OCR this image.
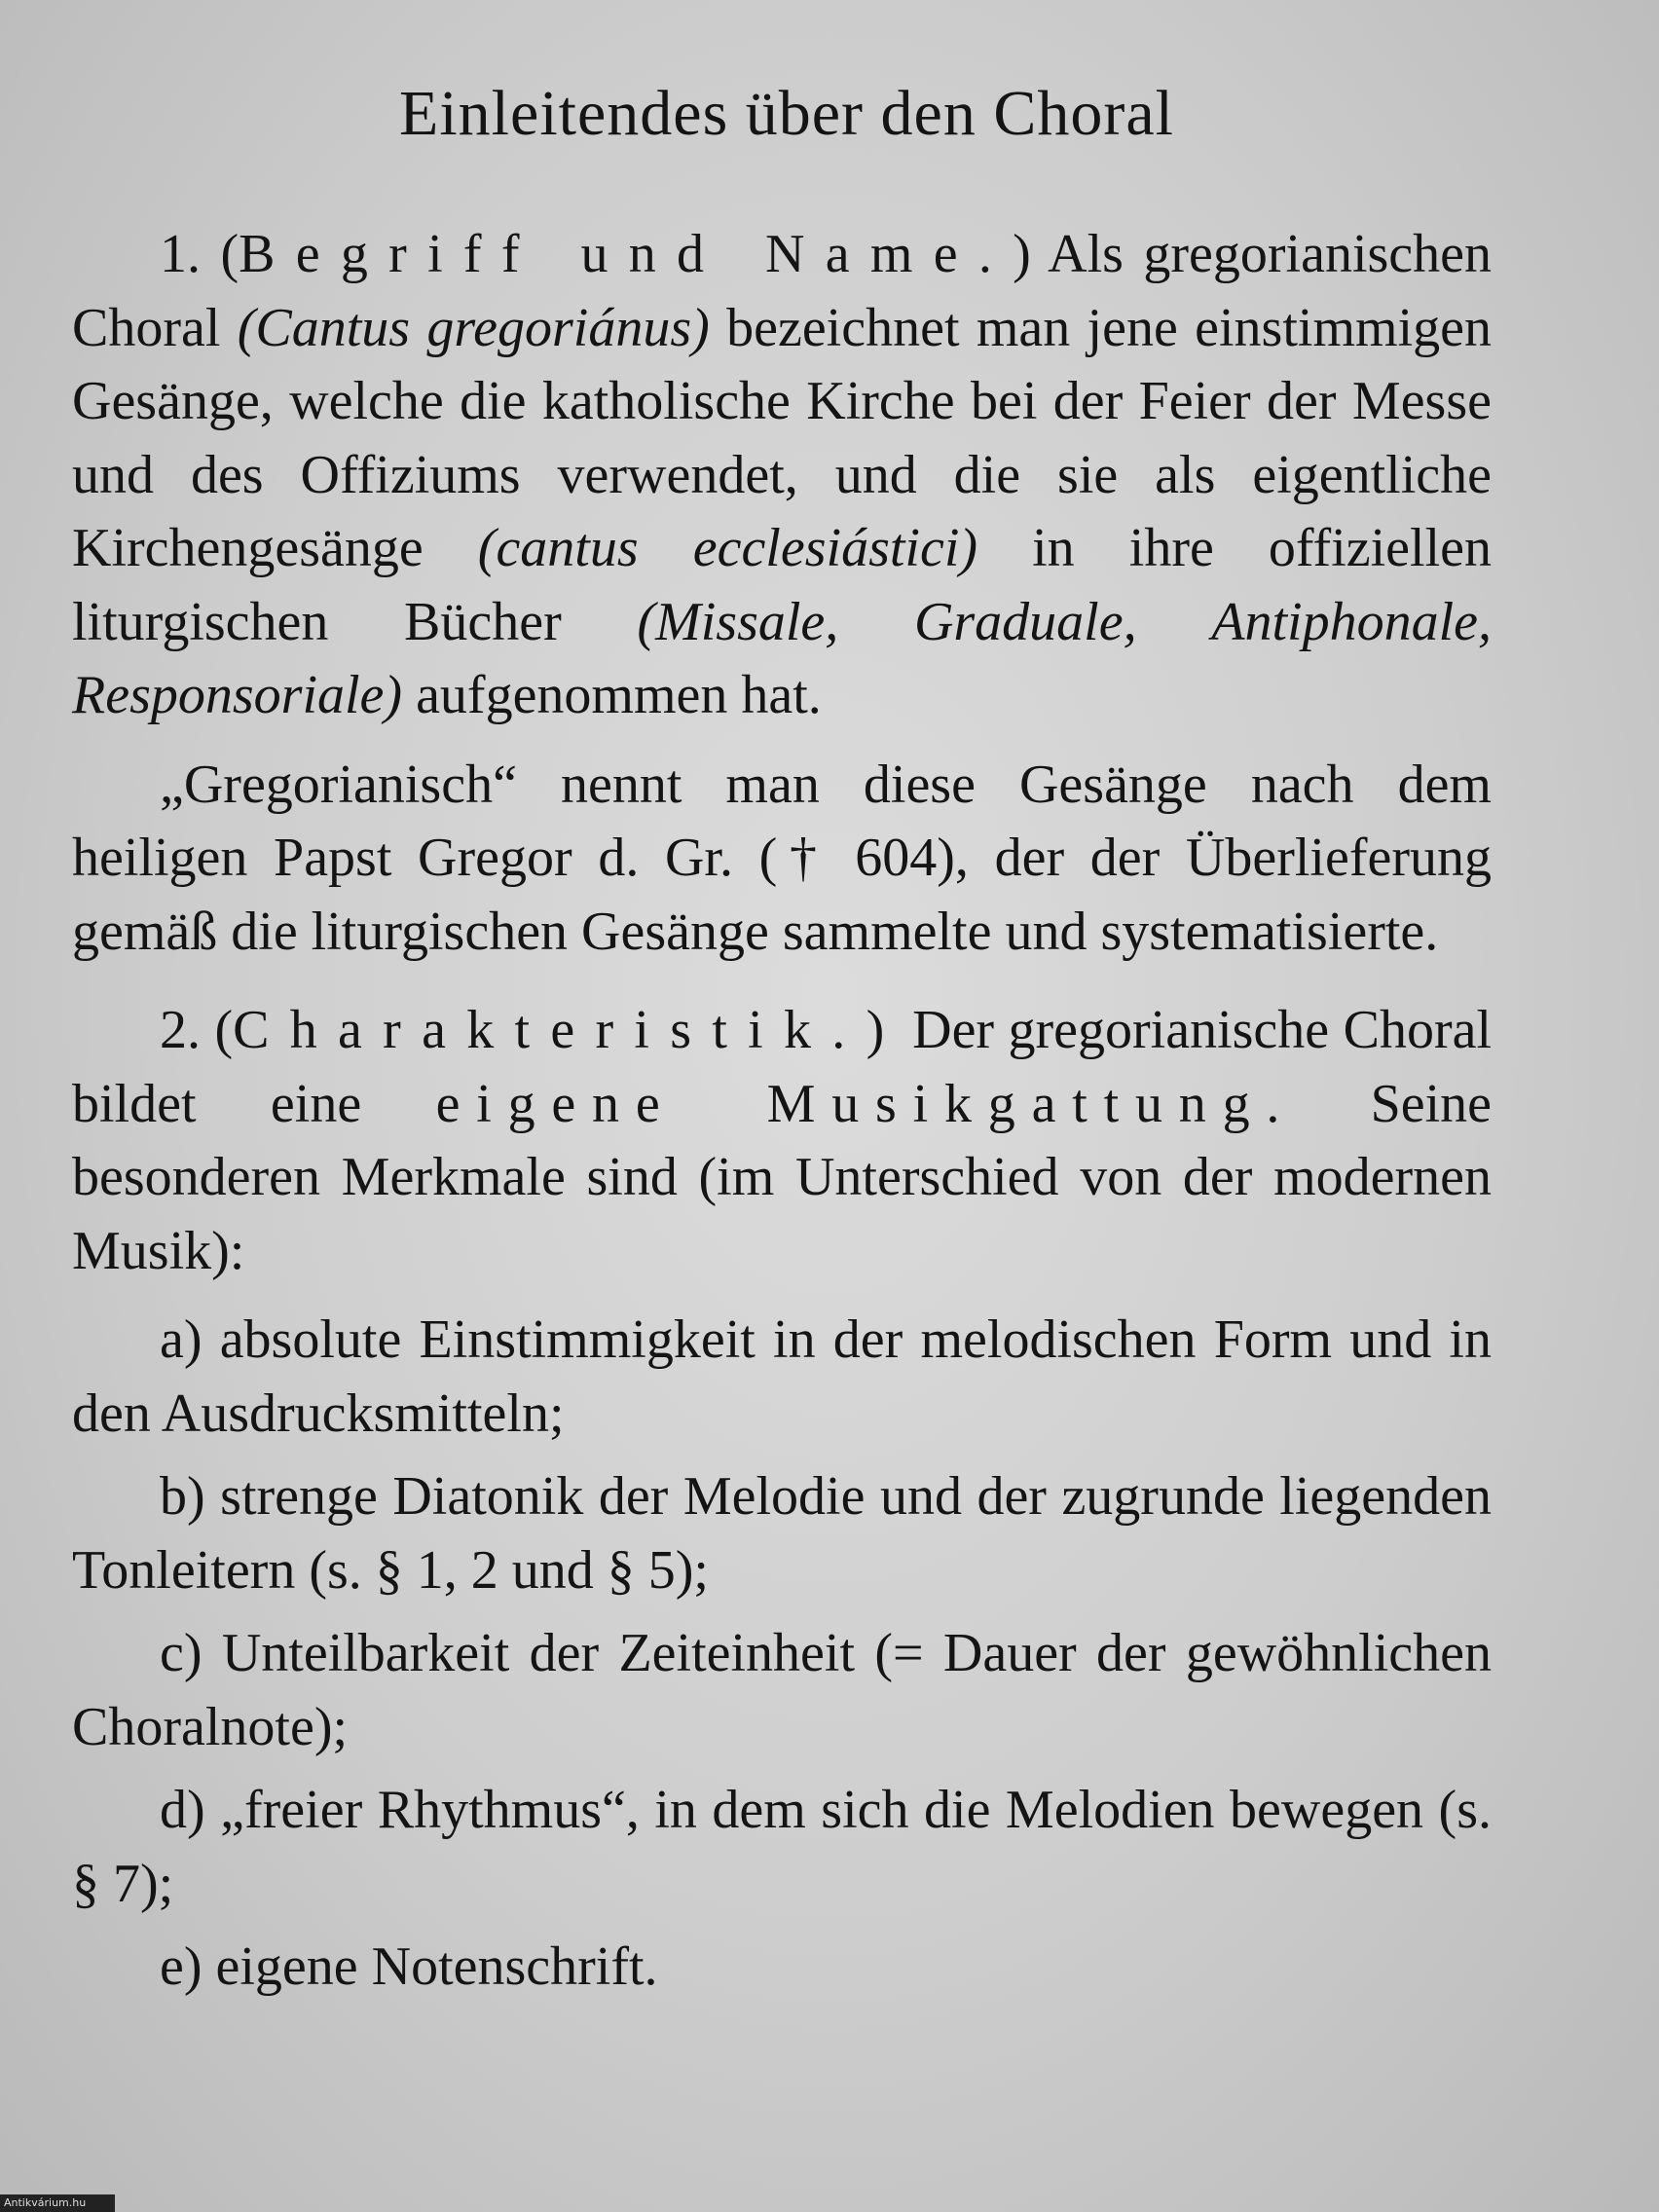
Einleitendes über den Choral

1. (Begriff und Name.) Als gregorianischen Choral (Cantus gregoriánus) bezeichnet man jene einstimmigen Gesänge, welche die katholische Kirche bei der Feier der Messe und des Offiziums verwendet, und die sie als eigentliche Kirchengesänge (cantus ecclesiástici) in ihre offiziellen liturgischen Bücher (Missale, Graduale, Antiphonale, Responsoriale) aufgenommen hat.

„Gregorianisch“ nennt man diese Gesänge nach dem heiligen Papst Gregor d. Gr. († 604), der der Überlieferung gemäß die liturgischen Gesänge sammelte und systematisierte.

2. (Charakteristik.) Der gregorianische Choral bildet eine eigene Musikgattung. Seine besonderen Merkmale sind (im Unterschied von der modernen Musik):

a) absolute Einstimmigkeit in der melodischen Form und in den Ausdrucksmitteln;

b) strenge Diatonik der Melodie und der zugrunde liegenden Tonleitern (s. § 1, 2 und § 5);

c) Unteilbarkeit der Zeiteinheit (= Dauer der gewöhnlichen Choralnote);

d) „freier Rhythmus“, in dem sich die Melodien bewegen (s. § 7);

e) eigene Notenschrift.

Antikvárium.hu
